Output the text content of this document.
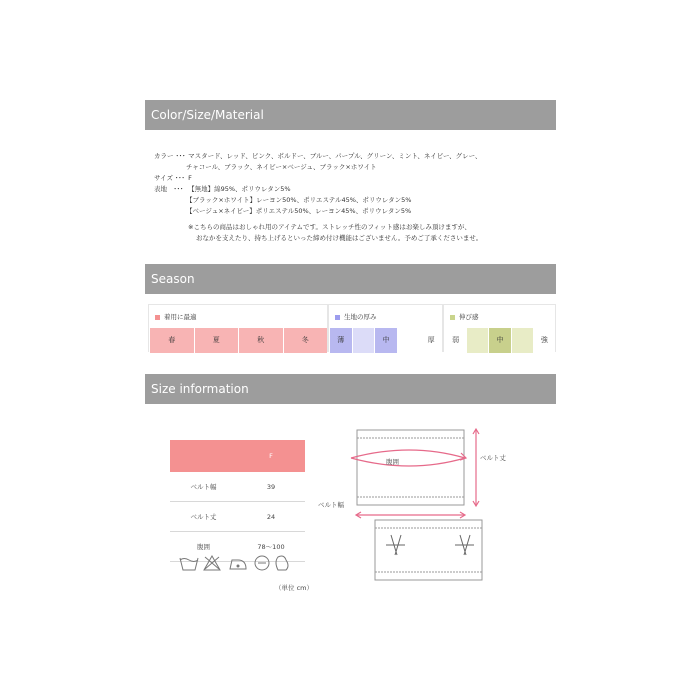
Color/Size/Material
カラー ･･･ マスタード、レッド、ピンク、ボルドー、ブルー、パープル、グリーン、ミント、ネイビー、グレー、
チャコール、ブラック、ネイビー×ベージュ、ブラック×ホワイト
サイズ ･･･ F
表地　･･･ 【無地】綿95%、ポリウレタン5%
【ブラック×ホワイト】レーヨン50%、ポリエステル45%、ポリウレタン5%
【ベージュ×ネイビー】ポリエステル50%、レーヨン45%、ポリウレタン5%
※こちらの商品はおしゃれ用のアイテムです。ストレッチ性のフィット感はお楽しみ頂けますが、
おなかを支えたり、持ち上げるといった締め付け機能はございません。予めご了承くださいませ。
Season
着用に最適
春	夏	秋	冬
生地の厚み
薄	中	厚
伸び感
弱	中	強
Size information
	F
ベルト幅	39
ベルト丈	24
腹囲	78～100
（単位 cm）
腹囲	ベルト丈
ベルト幅
